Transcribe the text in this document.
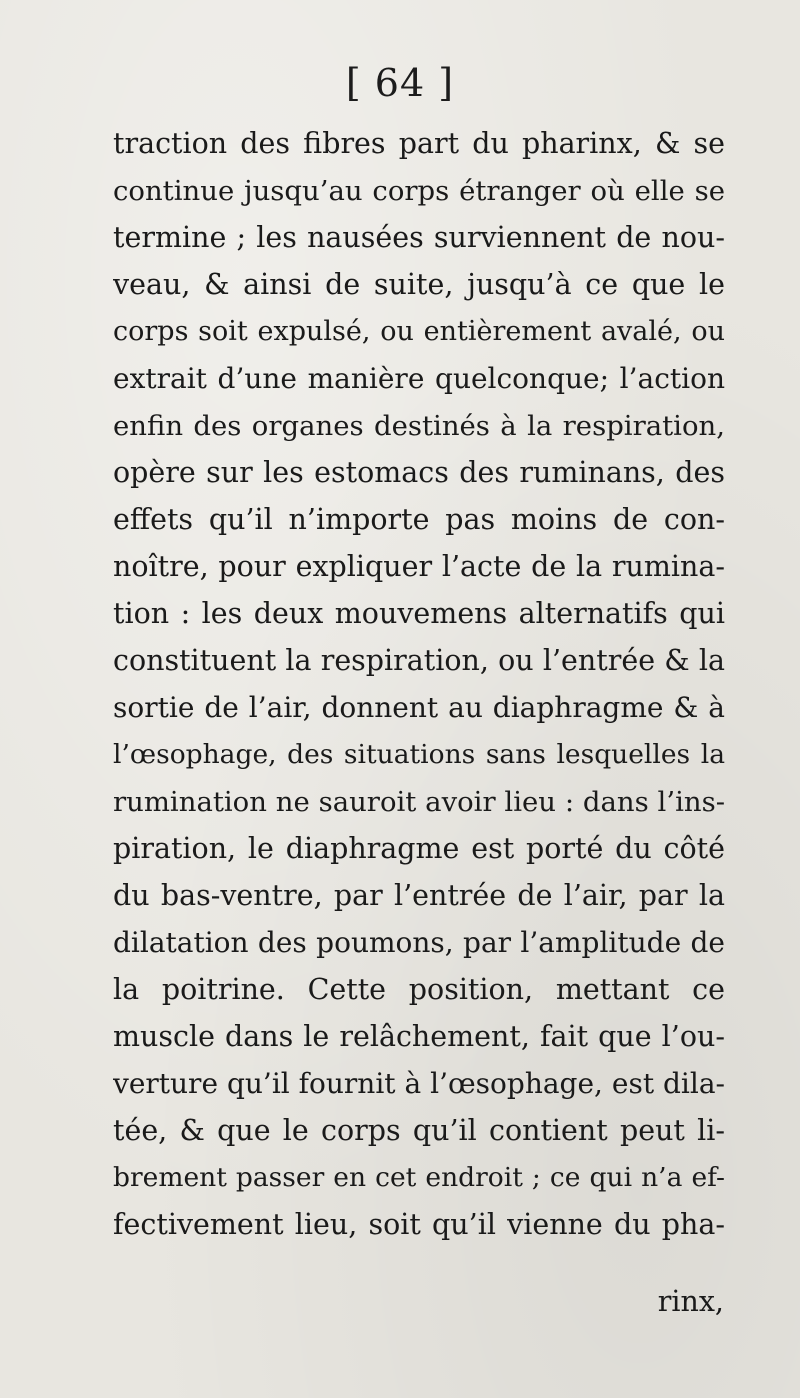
[ 64 ]
traction des fibres part du pharinx, & se
continue jusqu’au corps étranger où elle se
termine ; les nausées surviennent de nou-
veau, & ainsi de suite, jusqu’à ce que le
corps soit expulsé, ou entièrement avalé, ou
extrait d’une manière quelconque; l’action
enfin des organes destinés à la respiration,
opère sur les estomacs des ruminans, des
effets qu’il n’importe pas moins de con-
noître, pour expliquer l’acte de la rumina-
tion : les deux mouvemens alternatifs qui
constituent la respiration, ou l’entrée & la
sortie de l’air, donnent au diaphragme & à
l’œsophage, des situations sans lesquelles la
rumination ne sauroit avoir lieu : dans l’ins-
piration, le diaphragme est porté du côté
du bas-ventre, par l’entrée de l’air, par la
dilatation des poumons, par l’amplitude de
la poitrine. Cette position, mettant ce
muscle dans le relâchement, fait que l’ou-
verture qu’il fournit à l’œsophage, est dila-
tée, & que le corps qu’il contient peut li-
brement passer en cet endroit ; ce qui n’a ef-
fectivement lieu, soit qu’il vienne du pha-
rinx,
